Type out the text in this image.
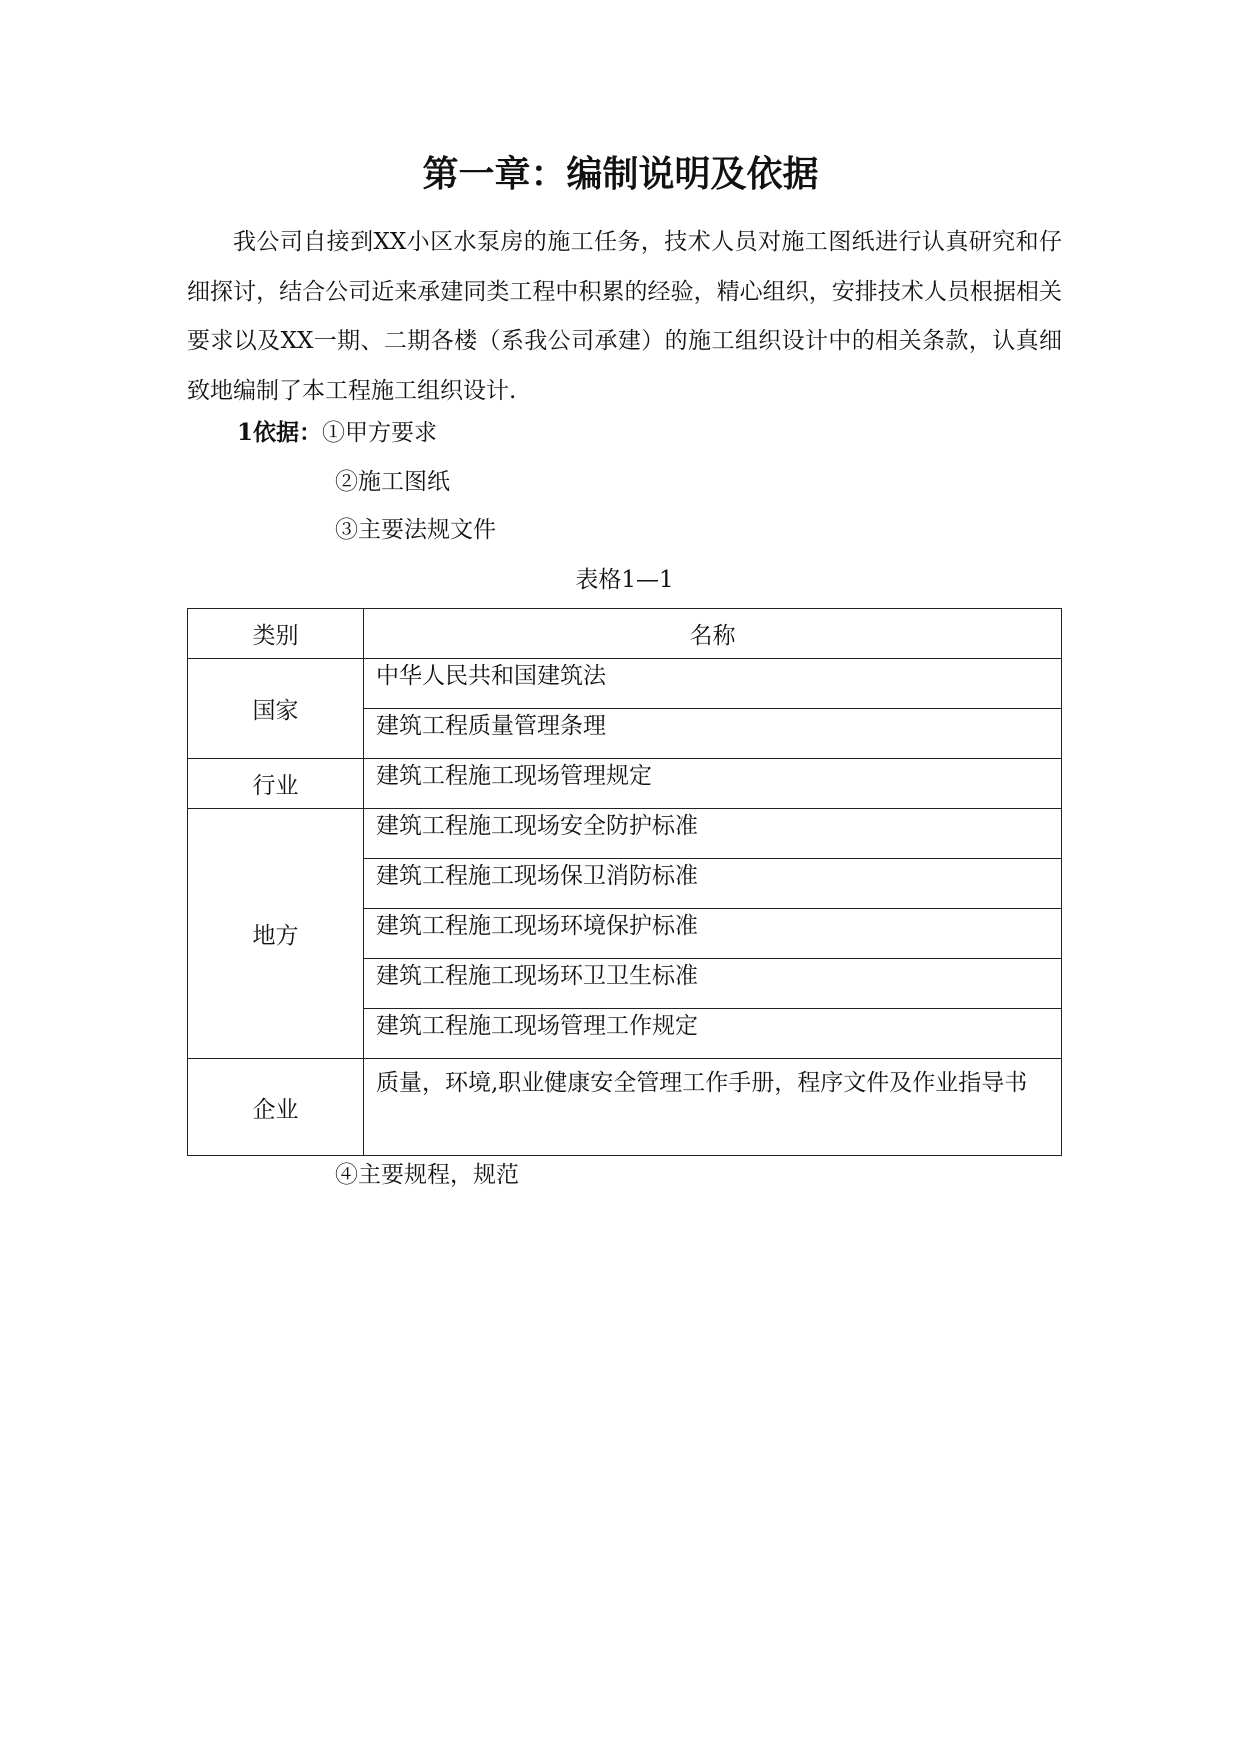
第一章：编制说明及依据

我公司自接到XX小区水泵房的施工任务，技术人员对施工图纸进行认真研究和仔细探讨，结合公司近来承建同类工程中积累的经验，精心组织，安排技术人员根据相关要求以及XX一期、二期各楼（系我公司承建）的施工组织设计中的相关条款，认真细致地编制了本工程施工组织设计.

1依据：①甲方要求

②施工图纸

③主要法规文件

表格1—1

类别	名称
国家	中华人民共和国建筑法
	建筑工程质量管理条理
行业	建筑工程施工现场管理规定
地方	建筑工程施工现场安全防护标准
	建筑工程施工现场保卫消防标准
	建筑工程施工现场环境保护标准
	建筑工程施工现场环卫卫生标准
	建筑工程施工现场管理工作规定
企业	质量，环境,职业健康安全管理工作手册，程序文件及作业指导书

④主要规程，规范
